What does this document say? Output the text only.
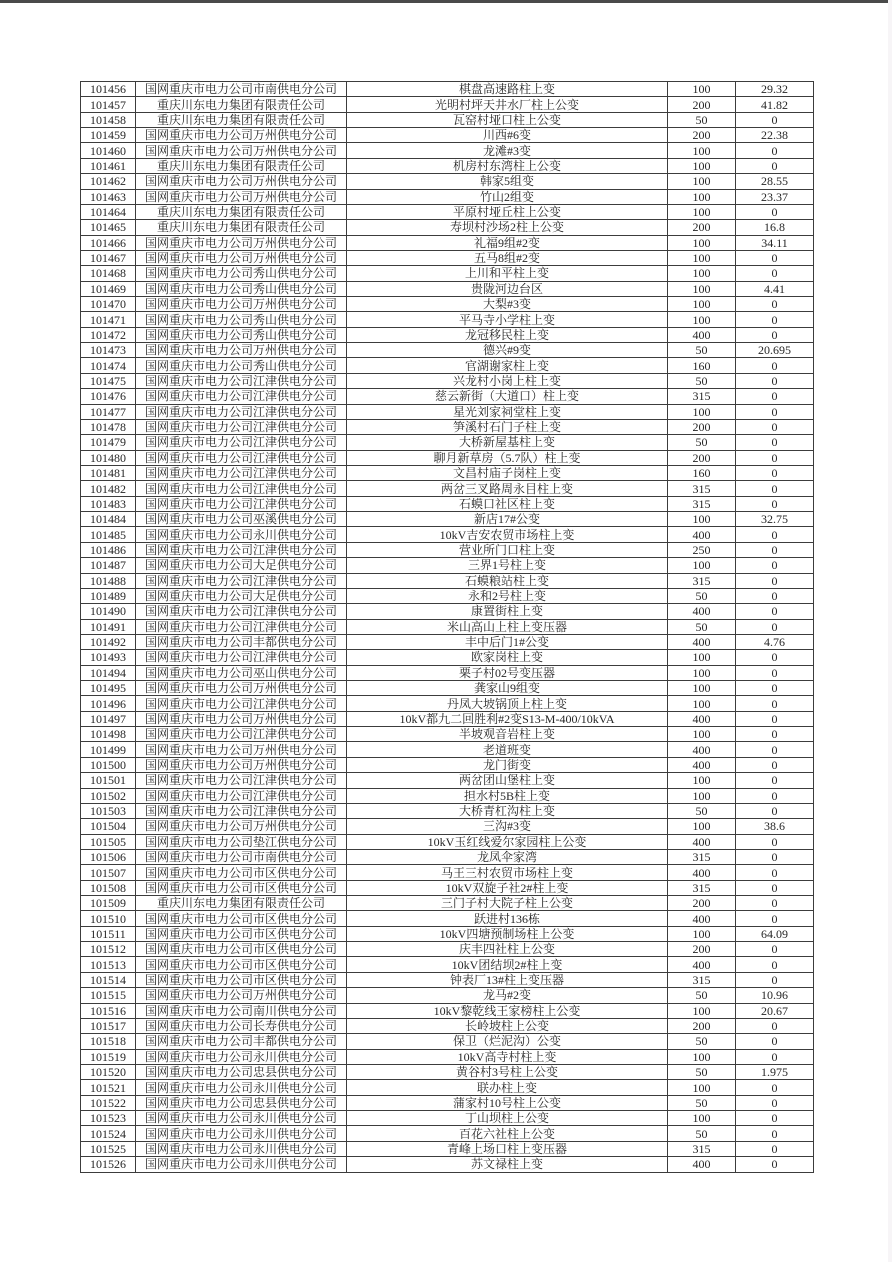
101456	国网重庆市电力公司市南供电分公司	棋盘高速路柱上变	100	29.32
101457	重庆川东电力集团有限责任公司	光明村坪天井水厂柱上公变	200	41.82
101458	重庆川东电力集团有限责任公司	瓦窑村垭口柱上公变	50	0
101459	国网重庆市电力公司万州供电分公司	川西#6变	200	22.38
101460	国网重庆市电力公司万州供电分公司	龙滩#3变	100	0
101461	重庆川东电力集团有限责任公司	机房村东湾柱上公变	100	0
101462	国网重庆市电力公司万州供电分公司	韩家5组变	100	28.55
101463	国网重庆市电力公司万州供电分公司	竹山2组变	100	23.37
101464	重庆川东电力集团有限责任公司	平原村垭丘柱上公变	100	0
101465	重庆川东电力集团有限责任公司	寿坝村沙场2柱上公变	200	16.8
101466	国网重庆市电力公司万州供电分公司	礼福9组#2变	100	34.11
101467	国网重庆市电力公司万州供电分公司	五马8组#2变	100	0
101468	国网重庆市电力公司秀山供电分公司	上川和平柱上变	100	0
101469	国网重庆市电力公司秀山供电分公司	贵陇河边台区	100	4.41
101470	国网重庆市电力公司万州供电分公司	大梨#3变	100	0
101471	国网重庆市电力公司秀山供电分公司	平马寺小学柱上变	100	0
101472	国网重庆市电力公司秀山供电分公司	龙冠移民柱上变	400	0
101473	国网重庆市电力公司万州供电分公司	德兴#9变	50	20.695
101474	国网重庆市电力公司秀山供电分公司	官湖谢家柱上变	160	0
101475	国网重庆市电力公司江津供电分公司	兴龙村小岗上柱上变	50	0
101476	国网重庆市电力公司江津供电分公司	慈云新街（大道口）柱上变	315	0
101477	国网重庆市电力公司江津供电分公司	星光刘家祠堂柱上变	100	0
101478	国网重庆市电力公司江津供电分公司	笋溪村石门子柱上变	200	0
101479	国网重庆市电力公司江津供电分公司	大桥新屋基柱上变	50	0
101480	国网重庆市电力公司江津供电分公司	聊月新草房（5.7队）柱上变	200	0
101481	国网重庆市电力公司江津供电分公司	文昌村庙子岗柱上变	160	0
101482	国网重庆市电力公司江津供电分公司	两岔三叉路周永目柱上变	315	0
101483	国网重庆市电力公司江津供电分公司	石蟆口社区柱上变	315	0
101484	国网重庆市电力公司巫溪供电分公司	新店17#公变	100	32.75
101485	国网重庆市电力公司永川供电分公司	10kV吉安农贸市场柱上变	400	0
101486	国网重庆市电力公司江津供电分公司	营业所门口柱上变	250	0
101487	国网重庆市电力公司大足供电分公司	三界1号柱上变	100	0
101488	国网重庆市电力公司江津供电分公司	石蟆粮站柱上变	315	0
101489	国网重庆市电力公司大足供电分公司	永和2号柱上变	50	0
101490	国网重庆市电力公司江津供电分公司	康置街柱上变	400	0
101491	国网重庆市电力公司江津供电分公司	米山高山上柱上变压器	50	0
101492	国网重庆市电力公司丰都供电分公司	丰中后门1#公变	400	4.76
101493	国网重庆市电力公司江津供电分公司	欧家岗柱上变	100	0
101494	国网重庆市电力公司巫山供电分公司	栗子村02号变压器	100	0
101495	国网重庆市电力公司万州供电分公司	龚家山9组变	100	0
101496	国网重庆市电力公司江津供电分公司	丹凤大坡锅顶上柱上变	100	0
101497	国网重庆市电力公司万州供电分公司	10kV都九二回胜利#2变S13-M-400/10kVA	400	0
101498	国网重庆市电力公司江津供电分公司	半坡观音岩柱上变	100	0
101499	国网重庆市电力公司万州供电分公司	老道班变	400	0
101500	国网重庆市电力公司万州供电分公司	龙门街变	400	0
101501	国网重庆市电力公司江津供电分公司	两岔团山堡柱上变	100	0
101502	国网重庆市电力公司江津供电分公司	担水村5B柱上变	100	0
101503	国网重庆市电力公司江津供电分公司	大桥青杠沟柱上变	50	0
101504	国网重庆市电力公司万州供电分公司	三沟#3变	100	38.6
101505	国网重庆市电力公司垫江供电分公司	10kV玉红线爱尔家园柱上公变	400	0
101506	国网重庆市电力公司市南供电分公司	龙凤伞家湾	315	0
101507	国网重庆市电力公司市区供电分公司	马王三村农贸市场柱上变	400	0
101508	国网重庆市电力公司市区供电分公司	10kV双旋子社2#柱上变	315	0
101509	重庆川东电力集团有限责任公司	三门子村大院子柱上公变	200	0
101510	国网重庆市电力公司市区供电分公司	跃进村136栋	400	0
101511	国网重庆市电力公司市区供电分公司	10kV四塘预制场柱上公变	100	64.09
101512	国网重庆市电力公司市区供电分公司	庆丰四社柱上公变	200	0
101513	国网重庆市电力公司市区供电分公司	10kV团结坝2#柱上变	400	0
101514	国网重庆市电力公司市区供电分公司	钟表厂13#柱上变压器	315	0
101515	国网重庆市电力公司万州供电分公司	龙马#2变	50	10.96
101516	国网重庆市电力公司南川供电分公司	10kV黎乾线王家榜柱上公变	100	20.67
101517	国网重庆市电力公司长寿供电分公司	长岭坡柱上公变	200	0
101518	国网重庆市电力公司丰都供电分公司	保卫（烂泥沟）公变	50	0
101519	国网重庆市电力公司永川供电分公司	10kV高寺村柱上变	100	0
101520	国网重庆市电力公司忠县供电分公司	黄谷村3号柱上公变	50	1.975
101521	国网重庆市电力公司永川供电分公司	联办柱上变	100	0
101522	国网重庆市电力公司忠县供电分公司	蒲家村10号柱上公变	50	0
101523	国网重庆市电力公司永川供电分公司	丁山坝柱上公变	100	0
101524	国网重庆市电力公司永川供电分公司	百花六社柱上公变	50	0
101525	国网重庆市电力公司永川供电分公司	青峰上场口柱上变压器	315	0
101526	国网重庆市电力公司永川供电分公司	苏文禄柱上变	400	0
